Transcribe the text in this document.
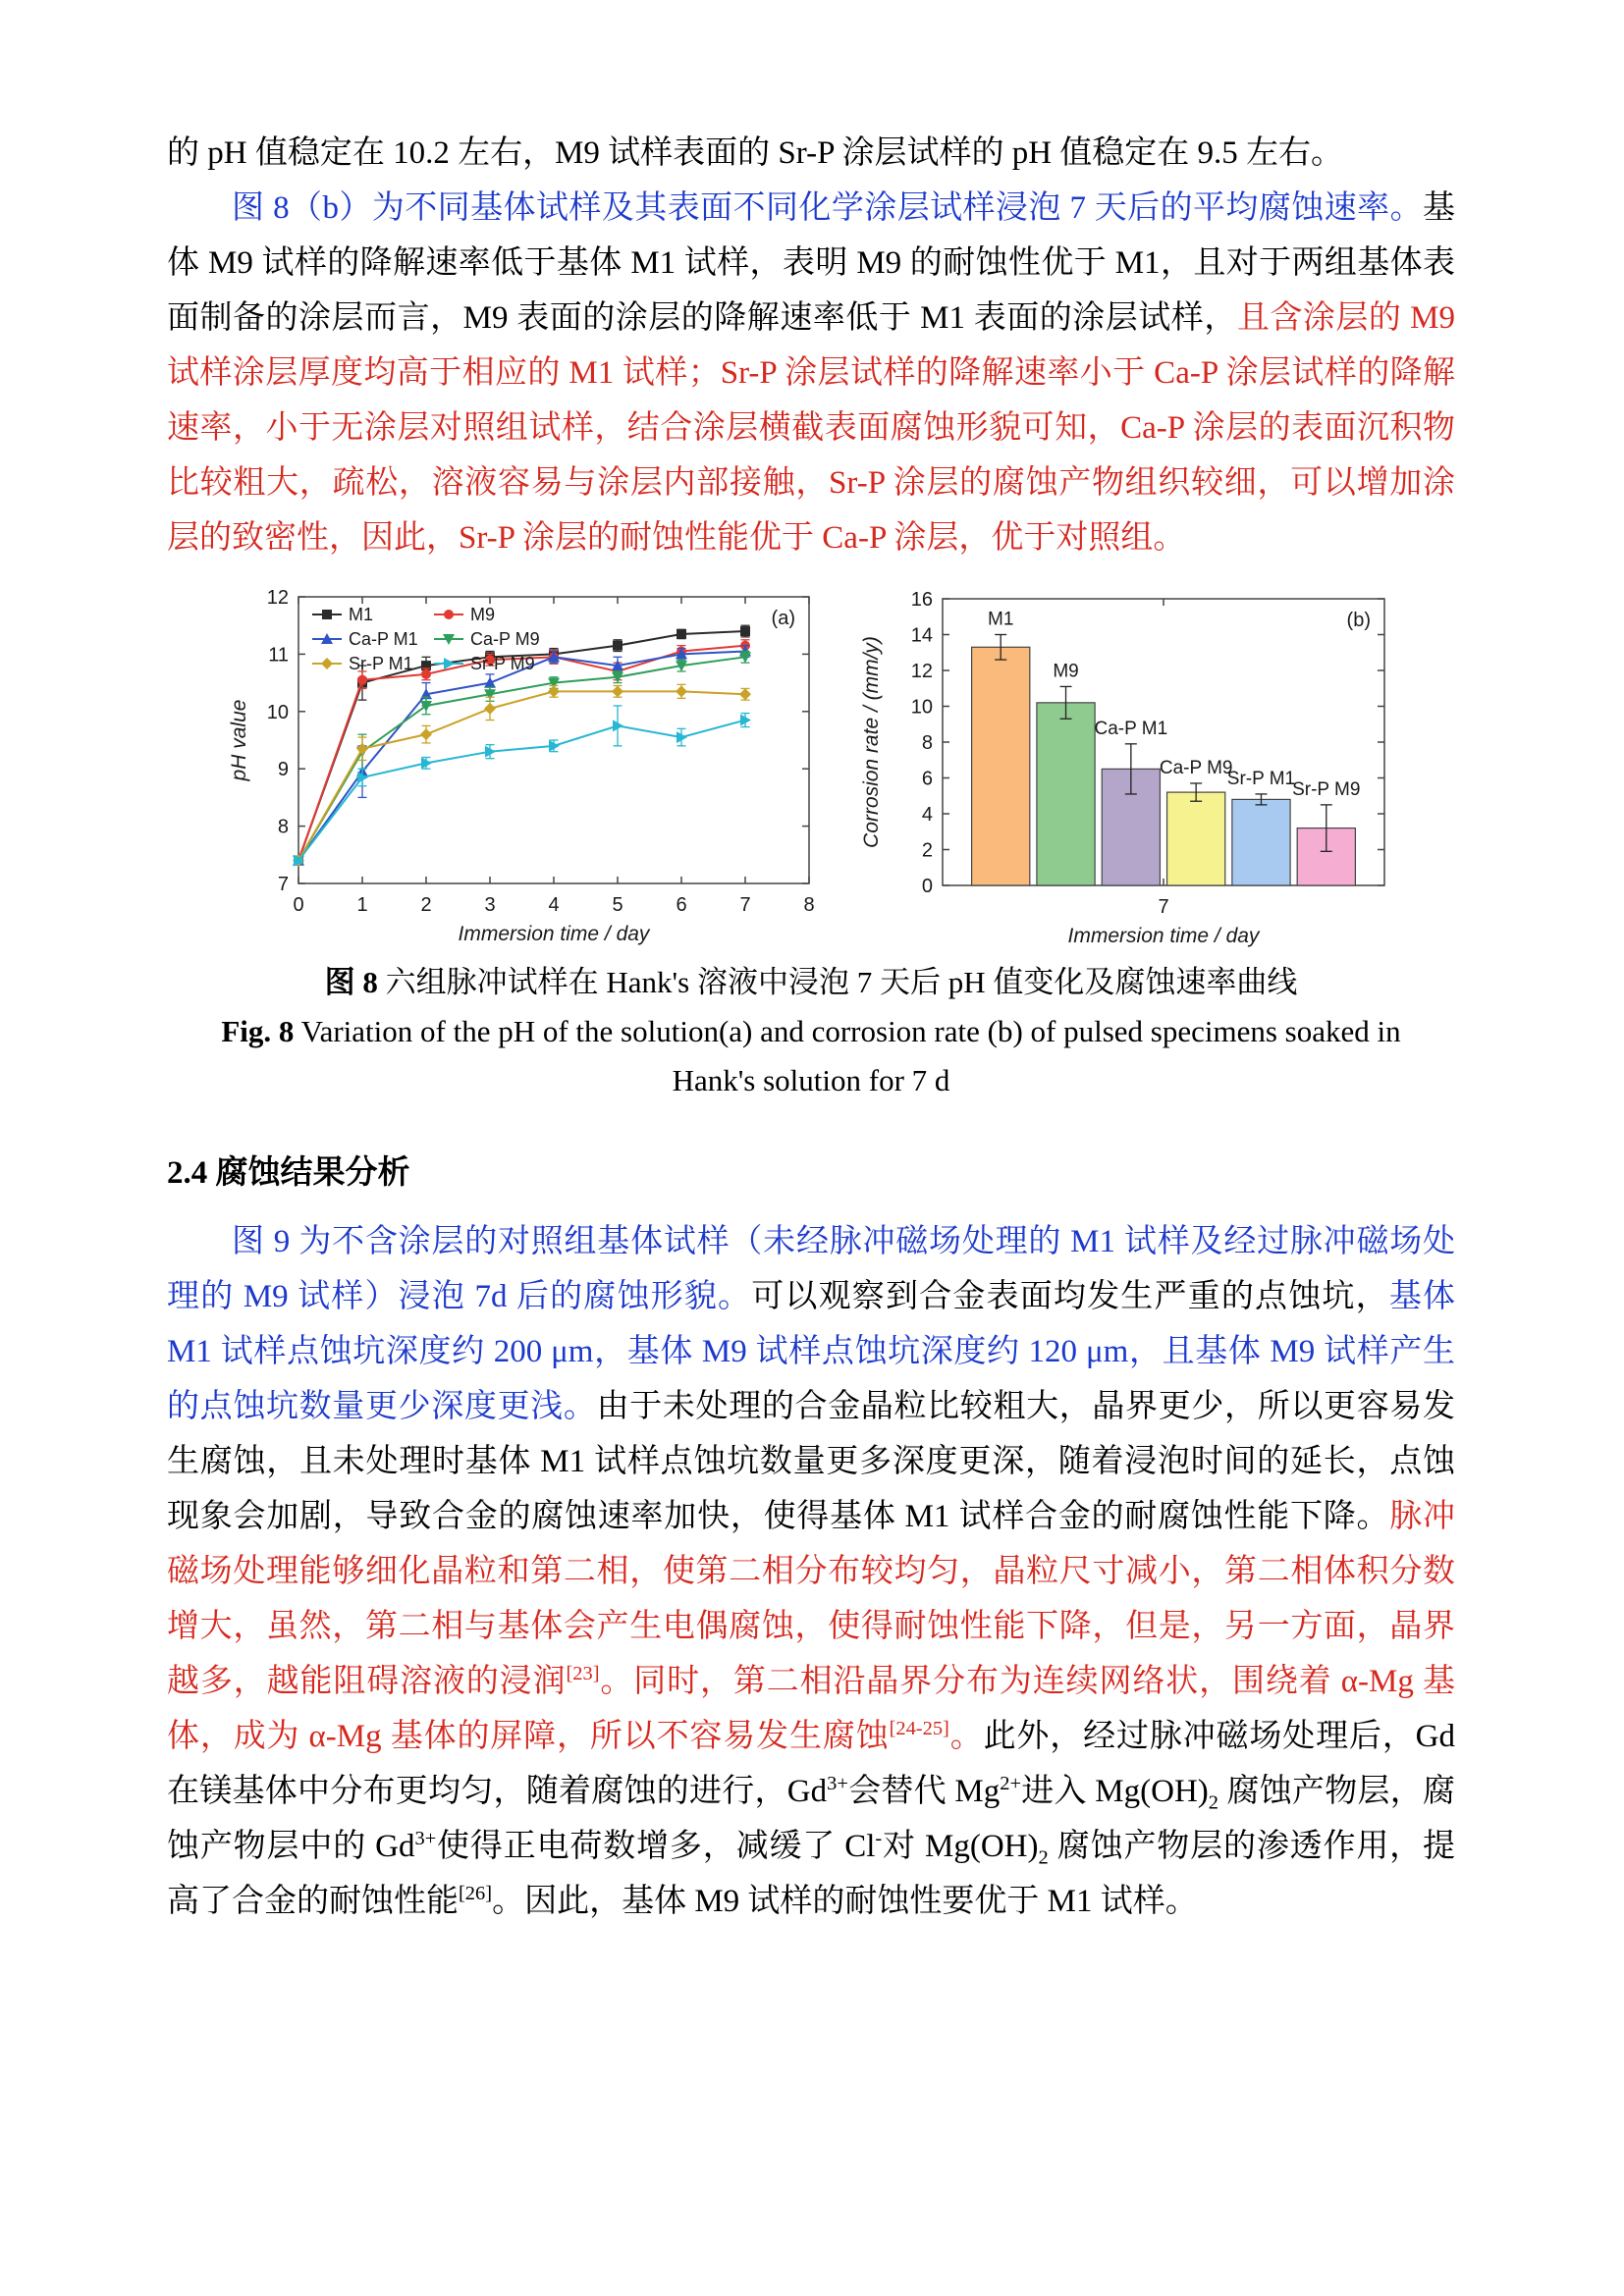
的 pH 值稳定在 10.2 左右，M9 试样表面的 Sr-P 涂层试样的 pH 值稳定在 9.5 左右。

图 8（b）为不同基体试样及其表面不同化学涂层试样浸泡 7 天后的平均腐蚀速率。基体 M9 试样的降解速率低于基体 M1 试样，表明 M9 的耐蚀性优于 M1，且对于两组基体表面制备的涂层而言，M9 表面的涂层的降解速率低于 M1 表面的涂层试样，且含涂层的 M9 试样涂层厚度均高于相应的 M1 试样；Sr-P 涂层试样的降解速率小于 Ca-P 涂层试样的降解速率，小于无涂层对照组试样，结合涂层横截表面腐蚀形貌可知，Ca-P 涂层的表面沉积物比较粗大，疏松，溶液容易与涂层内部接触，Sr-P 涂层的腐蚀产物组织较细，可以增加涂层的致密性，因此，Sr-P 涂层的耐蚀性能优于 Ca-P 涂层，优于对照组。

7
8
9
10
11
12
0	1	2	3	4	5	6	7	8
Immersion time / day
pH value
M1	M9
Ca-P M1	Ca-P M9
Sr-P M1	Sr-P M9
(a)
0
2
4
6
8
10
12
14
16
M1
M9
Ca-P M1
Ca-P M9
Sr-P M1
Sr-P M9
7
Immersion time / day
Corrosion rate / (mm/y)
(b)

图 8 六组脉冲试样在 Hank's 溶液中浸泡 7 天后 pH 值变化及腐蚀速率曲线

Fig. 8 Variation of the pH of the solution(a) and corrosion rate (b) of pulsed specimens soaked in

Hank's solution for 7 d

2.4 腐蚀结果分析

图 9 为不含涂层的对照组基体试样（未经脉冲磁场处理的 M1 试样及经过脉冲磁场处理的 M9 试样）浸泡 7d 后的腐蚀形貌。可以观察到合金表面均发生严重的点蚀坑，基体 M1 试样点蚀坑深度约 200 μm，基体 M9 试样点蚀坑深度约 120 μm，且基体 M9 试样产生的点蚀坑数量更少深度更浅。由于未处理的合金晶粒比较粗大，晶界更少，所以更容易发生腐蚀，且未处理时基体 M1 试样点蚀坑数量更多深度更深，随着浸泡时间的延长，点蚀现象会加剧，导致合金的腐蚀速率加快，使得基体 M1 试样合金的耐腐蚀性能下降。脉冲磁场处理能够细化晶粒和第二相，使第二相分布较均匀，晶粒尺寸减小，第二相体积分数增大，虽然，第二相与基体会产生电偶腐蚀，使得耐蚀性能下降，但是，另一方面，晶界越多，越能阻碍溶液的浸润[23]。同时，第二相沿晶界分布为连续网络状，围绕着 α-Mg 基体，成为 α-Mg 基体的屏障，所以不容易发生腐蚀[24-25]。此外，经过脉冲磁场处理后，Gd 在镁基体中分布更均匀，随着腐蚀的进行，$Gd^{3+}$会替代 $Mg^{2+}$进入 $Mg(OH)_2$ 腐蚀产物层，腐蚀产物层中的 $Gd^{3+}$使得正电荷数增多，减缓了 Cl-对 $Mg(OH)_2$ 腐蚀产物层的渗透作用，提高了合金的耐蚀性能[26]。因此，基体 M9 试样的耐蚀性要优于 M1 试样。
